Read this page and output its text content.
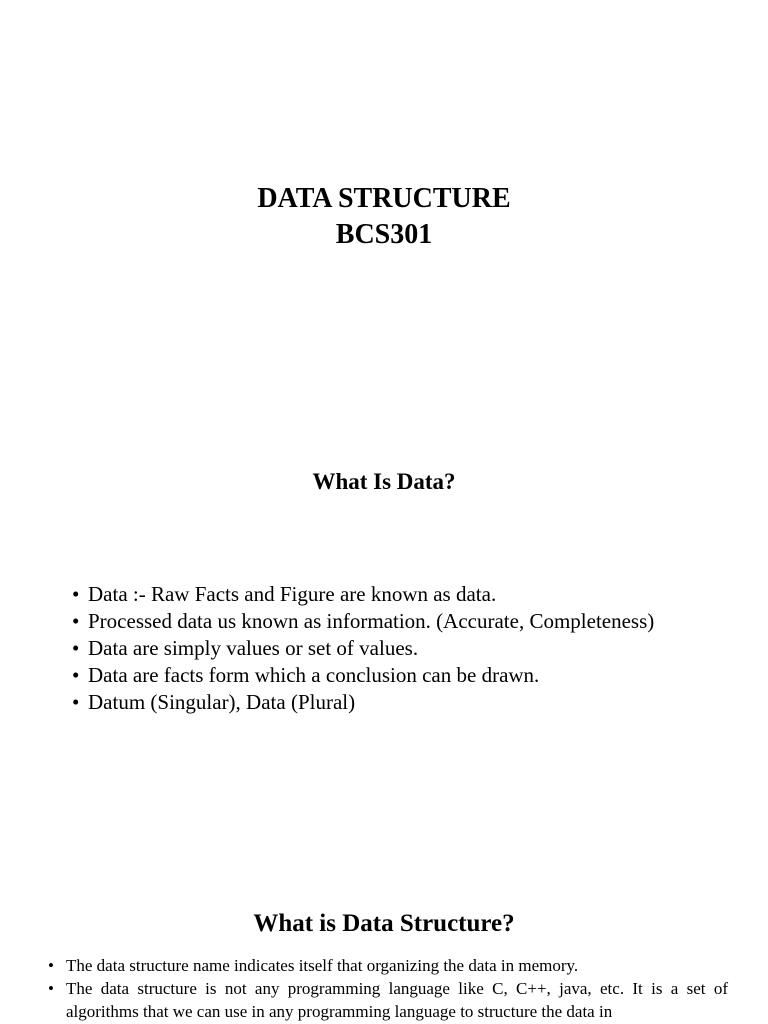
DATA STRUCTURE
BCS301
What Is Data?
• Data :- Raw Facts and Figure are known as data.
• Processed data us known as information. (Accurate, Completeness)
• Data are simply values or set of values.
• Data are facts form which a conclusion can be drawn.
• Datum (Singular), Data (Plural)
What is Data Structure?
• The data structure name indicates itself that organizing the data in memory.
• The data structure is not any programming language like C, C++, java, etc. It is a set of algorithms that we can use in any programming language to structure the data in
